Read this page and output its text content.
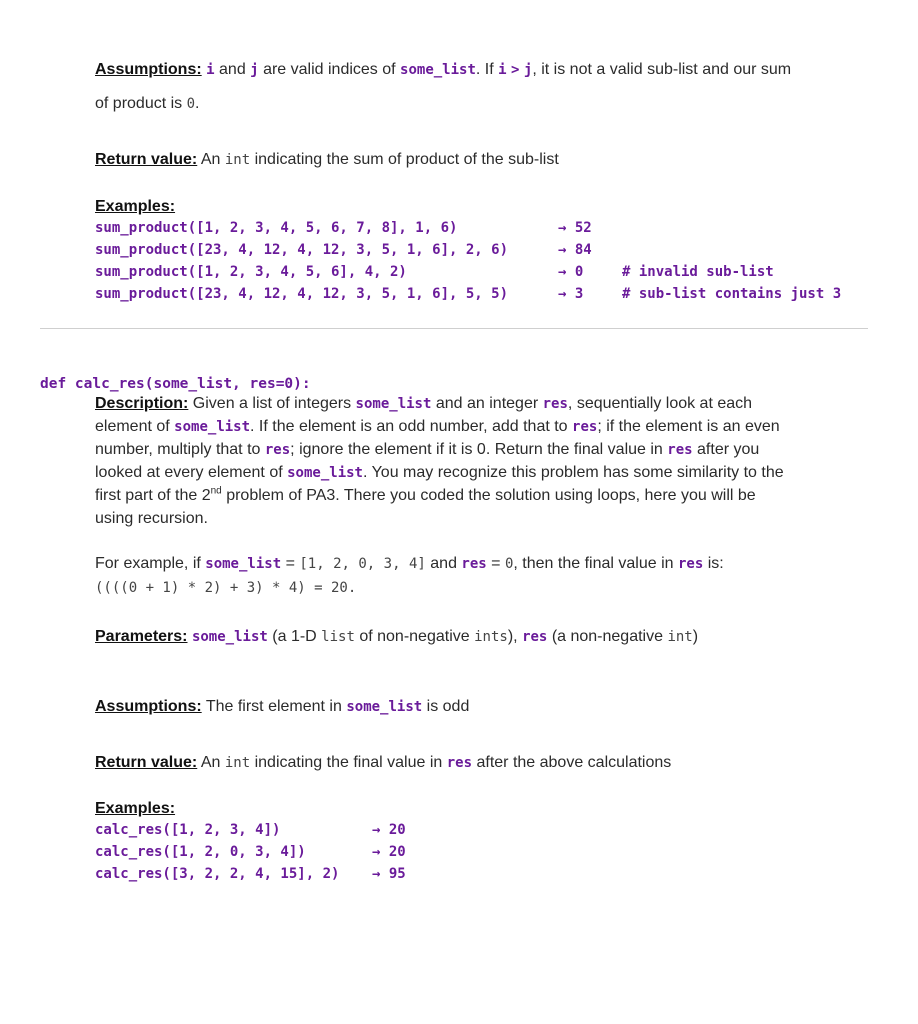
Assumptions: i and j are valid indices of some_list. If i > j, it is not a valid sub-list and our sum
of product is 0.
Return value: An int indicating the sum of product of the sub-list
Examples:
sum_product([1, 2, 3, 4, 5, 6, 7, 8], 1, 6)	→ 52
sum_product([23, 4, 12, 4, 12, 3, 5, 1, 6], 2, 6)	→ 84
sum_product([1, 2, 3, 4, 5, 6], 4, 2)	→ 0	# invalid sub-list
sum_product([23, 4, 12, 4, 12, 3, 5, 1, 6], 5, 5)	→ 3	# sub-list contains just 3
def calc_res(some_list, res=0):
Description: Given a list of integers some_list and an integer res, sequentially look at each
element of some_list. If the element is an odd number, add that to res; if the element is an even
number, multiply that to res; ignore the element if it is 0. Return the final value in res after you
looked at every element of some_list. You may recognize this problem has some similarity to the
first part of the 2nd problem of PA3. There you coded the solution using loops, here you will be
using recursion.
For example, if some_list = [1, 2, 0, 3, 4] and res = 0, then the final value in res is:
((((0 + 1) * 2) + 3) * 4) = 20.
Parameters: some_list (a 1-D list of non-negative ints), res (a non-negative int)
Assumptions: The first element in some_list is odd
Return value: An int indicating the final value in res after the above calculations
Examples:
calc_res([1, 2, 3, 4])	→ 20
calc_res([1, 2, 0, 3, 4])	→ 20
calc_res([3, 2, 2, 4, 15], 2) → 95
